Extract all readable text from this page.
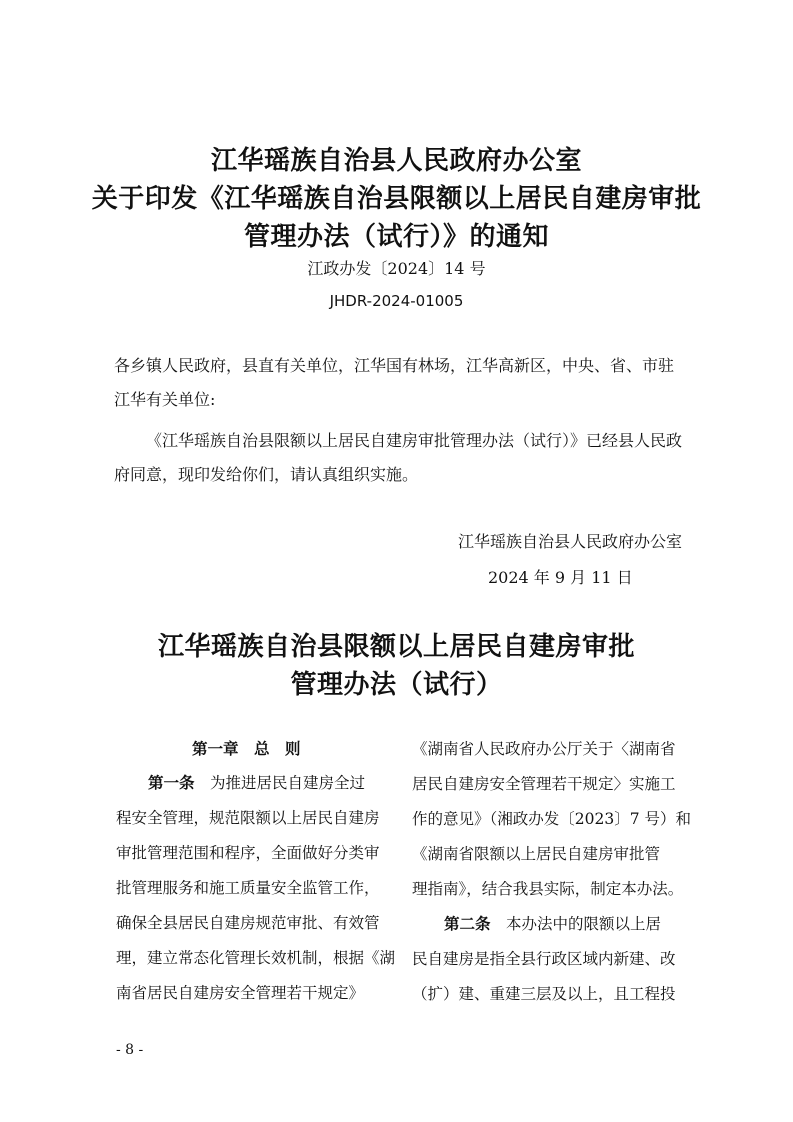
江华瑶族自治县人民政府办公室
关于印发《江华瑶族自治县限额以上居民自建房审批
管理办法（试行）》的通知
江政办发〔2024〕14 号
JHDR-2024-01005
各乡镇人民政府，县直有关单位，江华国有林场，江华高新区，中央、省、市驻
江华有关单位:
《江华瑶族自治县限额以上居民自建房审批管理办法（试行）》已经县人民政
府同意，现印发给你们，请认真组织实施。
江华瑶族自治县人民政府办公室
2024 年 9 月 11 日
江华瑶族自治县限额以上居民自建房审批
管理办法（试行）
第一章　总　则
第一条　 为推进居民自建房全过
程安全管理，规范限额以上居民自建房
审批管理范围和程序，全面做好分类审
批管理服务和施工质量安全监管工作，
确保全县居民自建房规范审批、有效管
理，建立常态化管理长效机制，根据《湖
南省居民自建房安全管理若干规定》
《湖南省人民政府办公厅关于〈湖南省
居民自建房安全管理若干规定〉实施工
作的意见》（湘政办发〔2023〕7 号）和
《湖南省限额以上居民自建房审批管
理指南》，结合我县实际，制定本办法。
第二条　 本办法中的限额以上居
民自建房是指全县行政区域内新建、改
（扩）建、重建三层及以上，且工程投
- 8 -
